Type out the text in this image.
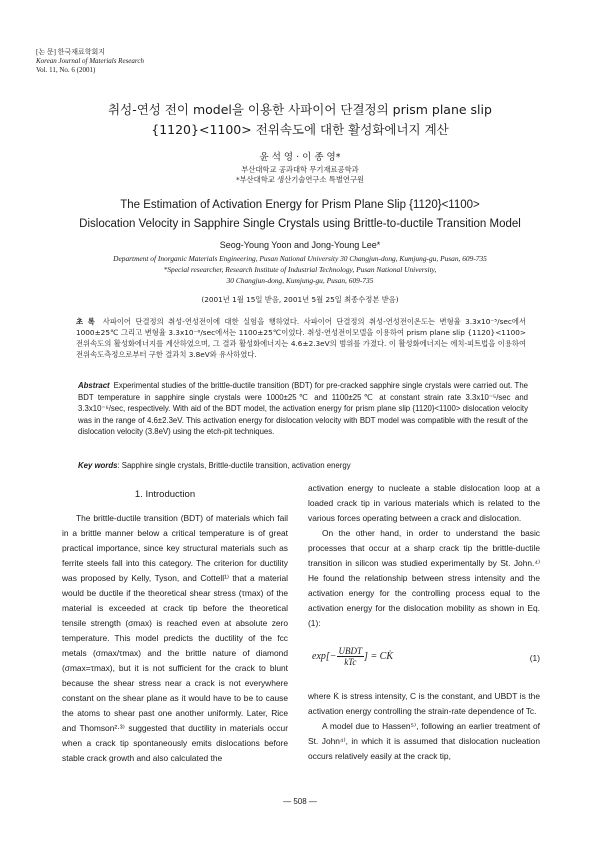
[논 문] 한국재료학회지
Korean Journal of Materials Research
Vol. 11, No. 6 (2001)
취성-연성 전이 model을 이용한 사파이어 단결정의 prism plane slip
{1120}<1100> 전위속도에 대한 활성화에너지 계산
윤 석 영 · 이 종 영*
부산대학교 공과대학 무기재료공학과
*부산대학교 생산기술연구소 특별연구원
The Estimation of Activation Energy for Prism Plane Slip {1120}<1100>
Dislocation Velocity in Sapphire Single Crystals using Brittle-to-ductile Transition Model
Seog-Young Yoon and Jong-Young Lee*
Department of Inorganic Materials Engineering, Pusan National University 30 Changjun-dong, Kumjung-gu, Pusan, 609-735
*Special researcher, Research Institute of Industrial Technology, Pusan National University,
30 Changjun-dong, Kumjung-gu, Pusan, 609-735
(2001년 1월 15일 받음, 2001년 5월 25일 최종수정본 받음)
초 록 사파이어 단결정의 취성-연성전이에 대한 실험을 행하였다. 사파이어 단결정의 취성-연성전이온도는 변형율 3.3x10⁻⁵/sec에서 1000±25℃ 그리고 변형율 3.3x10⁻⁶/sec에서는 1100±25℃이었다. 취성-연성전이모델을 이용하여 prism plane slip {1120}<1100> 전위속도의 활성화에너지를 계산하였으며, 그 결과 활성화에너지는 4.6±2.3eV의 범위를 가졌다. 이 활성화에너지는 에치-피트법을 이용하여 전위속도측정으로부터 구한 결과치 3.8eV와 유사하였다.
Abstract Experimental studies of the brittle-ductile transition (BDT) for pre-cracked sapphire single crystals were carried out. The BDT temperature in sapphire single crystals were 1000±25℃ and 1100±25℃ at constant strain rate 3.3x10⁻⁵/sec and 3.3x10⁻⁶/sec, respectively. With aid of the BDT model, the activation energy for prism plane slip {1120}<1100> dislocation velocity was in the range of 4.6±2.3eV. This activation energy for dislocation velocity with BDT model was compatible with the result of the dislocation velocity (3.8eV) using the etch-pit techniques.
Key words: Sapphire single crystals, Brittle-ductile transition, activation energy
1. Introduction

The brittle-ductile transition (BDT) of materials which fail in a brittle manner below a critical temperature is of great practical importance, since key structural materials such as ferrite steels fall into this category. The criterion for ductility was proposed by Kelly, Tyson, and Cottell¹⁾ that a material would be ductile if the theoretical shear stress (τmax) of the material is exceeded at crack tip before the theoretical tensile strength (σmax) is reached even at absolute zero temperature. This model predicts the ductility of the fcc metals (σmax/τmax) and the brittle nature of diamond (σmax=τmax), but it is not sufficient for the crack to blunt because the shear stress near a crack is not everywhere constant on the shear plane as it would have to be to cause the atoms to shear past one another uniformly. Later, Rice and Thomson²·³⁾ suggested that ductility in materials occur when a crack tip spontaneously emits dislocations before stable crack growth and also calculated the

activation energy to nucleate a stable dislocation loop at a loaded crack tip in various materials which is related to the various forces operating between a crack and dislocation.

On the other hand, in order to understand the basic processes that occur at a sharp crack tip the brittle-ductile transition in silicon was studied experimentally by St. John.⁴⁾ He found the relationship between stress intensity and the activation energy for the controlling process equal to the activation energy for the dislocation mobility as shown in Eq. (1):

$\exp[- \frac{\text{UBDT}}{\text{kTc}}$ ] = CK̇	(1)

where K̇ is stress intensity, C is the constant, and UBDT is the activation energy controlling the strain-rate dependence of Tc.

A model due to Hassen⁵⁾, following an earlier treatment of St. John⁴⁾, in which it is assumed that dislocation nucleation occurs relatively easily at the crack tip,

— 508 —
